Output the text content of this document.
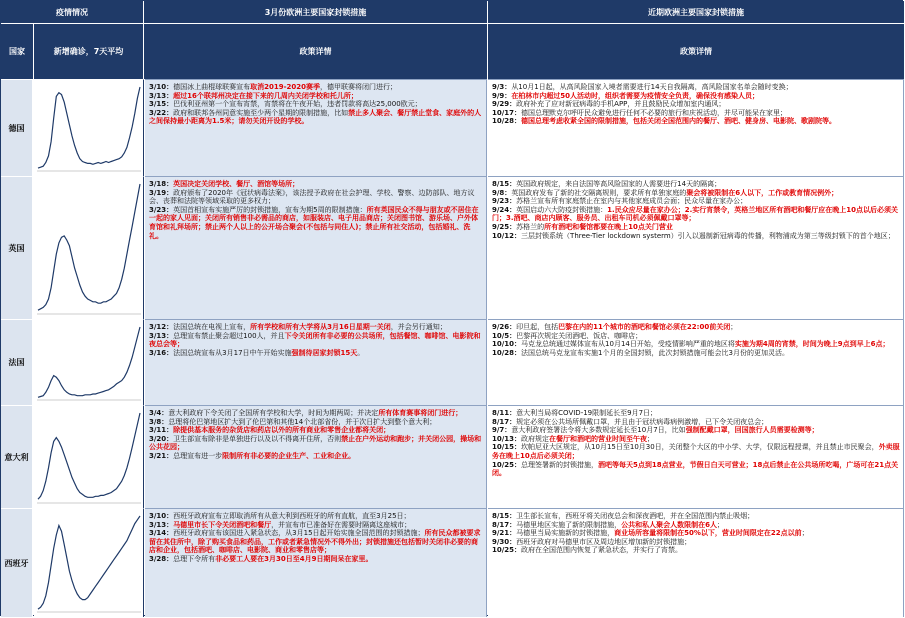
疫情情况	3月份欧洲主要国家封锁措施	近期欧洲主要国家封锁措施
国家	新增确诊，7天平均	政策详情	政策详情
德国
3/10：德国冰上曲棍球联赛宣布取消2019-2020赛季，德甲联赛将闭门进行；
3/13：超过16个联邦州决定在接下来的几周内关闭学校和托儿所；
3/15：巴伐利亚州第一个宣布宵禁，宵禁将在午夜开始，违者罚款将高达25,000欧元；
3/22：政府和联邦各州同意实施至少两个星期的限制措施，比如禁止多人聚会、餐厅禁止堂食、家庭外的人之间保持最小距离为1.5米；请勿关闭开设的学校。
9/3：从10月1日起，从高风险国家入境者需要进行14天自我隔离，高风险国家名单会随时变换；
9/9：在柏林市内超过50人活动时，组织者需要为疫情安全负责，确保没有感染人员；
9/29：政府补充了应对新冠病毒的手机APP，并且鼓励民众增加室内通风；
10/17：德国总理默克尔呼吁民众避免进行任何不必要的旅行和庆祝活动，并尽可能呆在家里；
10/28：德国总理考虑收紧全国的限制措施，包括关闭全国范围内的餐厅、酒吧、健身房、电影院、歌剧院等。
英国
3/18：英国决定关闭学校、餐厅、酒馆等场所；
3/19：政府颁布了2020年《冠状病毒法案》，该法授予政府在社会护理、学校、警察、边防部队、地方议会、丧葬和法院等领域采取的更多权力；
3/23：英国首相宣布实施严厉的封锁措施，宣布为期5周的限制措施：所有英国民众不得与朋友或不居住在一起的家人见面；关闭所有销售非必需品的商店，如服装店、电子用品商店；关闭图书馆、游乐场、户外体育馆和礼拜场所；禁止两个人以上的公开场合聚会(不包括与同住人)；禁止所有社交活动，包括婚礼、洗礼。
8/15：英国政府规定，来自法国等高风险国家的人需要进行14天的隔离；
9/8：英国政府发布了新的社交隔离规则，要求所有单独家庭的聚会将被限制在6人以下，工作或教育情况例外；
9/23：苏格兰宣布所有家庭禁止在室内与其他家庭成员会面；民众尽量在家办公；
9/24：英国启动六大防疫封锁措施：1.民众应尽量在家办公；2.实行宵禁令，英格兰地区所有酒吧和餐厅应在晚上10点以后必须关门；3.酒吧、商店内顾客、服务员、出租车司机必须佩戴口罩等；
9/25：苏格兰的所有酒吧和餐馆都要在晚上10点关门营业
10/12：三层封锁系统（Three-Tier lockdown systerm）引入以遏制新冠病毒的传播，利物浦成为第三等级封锁下的首个地区；
法国
3/12：法国总统在电视上宣布，所有学校和所有大学将从3月16日星期一关闭，并会另行通知；
3/13：总理宣布禁止聚会超过100人，并且下令关闭所有非必要的公共场所，包括餐馆、咖啡馆、电影院和夜总会等；
3/16：法国总统宣布从3月17日中午开始实施强制待居家封锁15天。
9/26：印旦起，包括巴黎在内的11个城市的酒吧和餐馆必须在22:00前关闭；
10/5：巴黎再次规定关闭酒吧、饭店、咖啡店；
10/10：马克龙总统通过媒体宣布从10月14日开始，受疫情影响严重的地区将实施为期4周的宵禁，时间为晚上9点到早上6点；
10/28：法国总统马克龙宣布实施1个月的全国封锁，此次封锁措施可能会比3月份的更加灵活。
意大利
3/4：意大利政府下令关闭了全国所有学校和大学，时间为期两周；并决定所有体育赛事将闭门进行；
3/8：总理将伦巴第地区扩大到了伦巴第和其他14个北部省份，并于次日扩大到整个意大利；
3/11：除提供基本服务的杂货店和药店以外的所有商业和零售企业都将关闭；
3/20：卫生部宣布除非是单独进行以及以不得离开住所，否则禁止在户外运动和跑步；并关闭公园，操场和公共花园；
3/21：总理宣布进一步限制所有非必要的企业生产、工业和企业。
8/11：意大利当局将COVID-19限制延长至9月7日；
8/17：规定必须在公共场所佩戴口罩，并且由于冠状病毒病例激增，已下令关闭夜总会；
9/7：意大利政府签署法令将大多数规定延长至10月7日，比如强制配戴口罩，回国旅行人员需要检测等；
10/13：政府规定在餐厅和酒吧的营业时间至午夜；
10/15：坎帕尼亚大区规定，从10月15日至10月30日，关闭整个大区的中小学、大学，仅限远程授课，并且禁止市民聚会，外卖服务在晚上10点后必须关闭；
10/25：总理签署新的封锁措施，酒吧等每天5点到18点营业，节假日白天可营业；18点后禁止在公共场所吃喝，广场可在21点关闭。
西班牙
3/10：西班牙政府宣布立即取消所有从意大利到西班牙的所有直航，直至3月25日；
3/13：马德里市长下令关闭酒吧和餐厅，并宣布市已准备好在需要时隔离这座城市；
3/14：西班牙政府宣布该国进入紧急状态，从3月15日起开始实施全国范围的封锁措施；所有民众都被要求留在其住所中，除了购买食品和药品，工作或者紧急情况外不得外出；封锁措施还包括暂时关闭非必要的商店和企业，包括酒吧、咖啡店、电影院、商业和零售店等；
3/28：总理下令所有非必要工人要在3月30日至4月9日期间呆在家里。
8/15：卫生部长宣布，西班牙将关闭夜总会和深夜酒吧，并在全国范围内禁止吸烟；
8/17：马德里地区实施了新的限制措施，公共和私人聚会人数限制在6人；
9/21：马德里当局实施新的封锁措施，商业场所容量将限制在50%以下，营业时间限定在22点以前；
9/30：西班牙政府对马德里市区及周边地区增加新的封锁措施；
10/25：政府在全国范围内恢复了紧急状态，并实行了宵禁。
